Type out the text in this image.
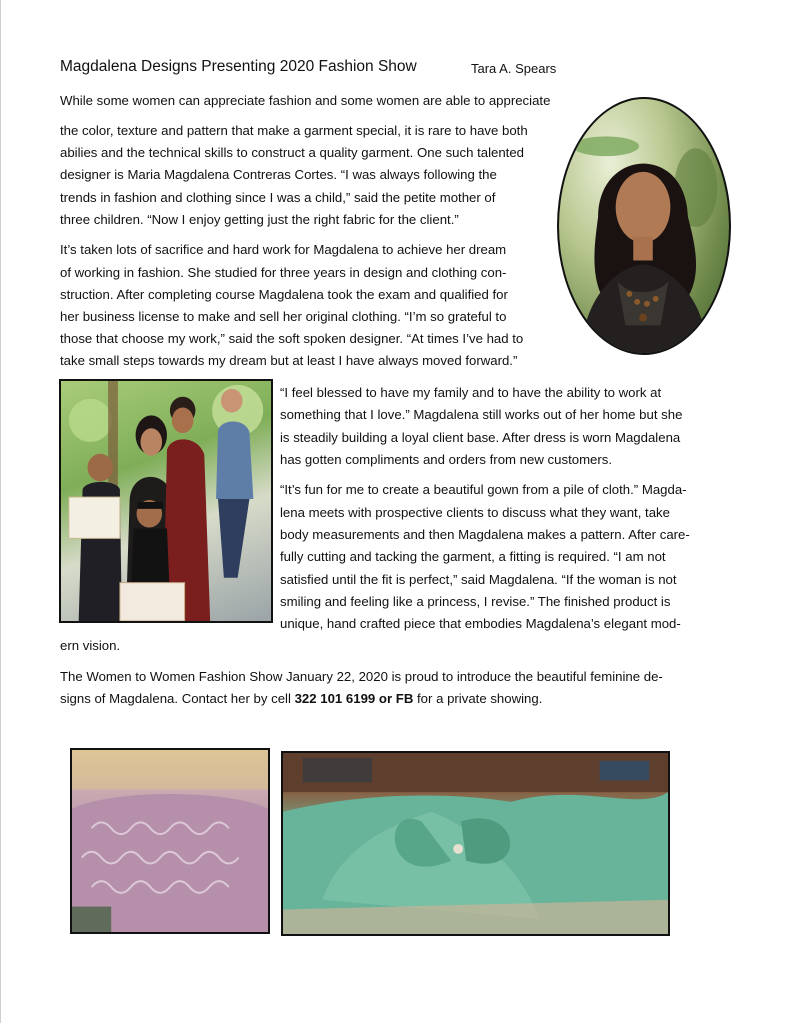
Magdalena Designs Presenting 2020 Fashion Show	Tara A. Spears
While some women can appreciate fashion and some women are able to appreciate
the color, texture and pattern that make a garment special, it is rare to have both
abilies and the technical skills to construct a quality garment. One such talented
designer is Maria Magdalena Contreras Cortes. “I was always following the
trends in fashion and clothing since I was a child,” said the petite mother of
three children. “Now I enjoy getting just the right fabric for the client.”
It’s taken lots of sacrifice and hard work for Magdalena to achieve her dream
of working in fashion. She studied for three years in design and clothing con-
struction. After completing course Magdalena took the exam and qualified for
her business license to make and sell her original clothing. “I’m so grateful to
those that choose my work,” said the soft spoken designer. “At times I’ve had to
take small steps towards my dream but at least I have always moved forward.”
“I feel blessed to have my family and to have the ability to work at
something that I love.” Magdalena still works out of her home but she
is steadily building a loyal client base. After dress is worn Magdalena
has gotten compliments and orders from new customers.
“It’s fun for me to create a beautiful gown from a pile of cloth.” Magda-
lena meets with prospective clients to discuss what they want, take
body measurements and then Magdalena makes a pattern. After care-
fully cutting and tacking the garment, a fitting is required. “I am not
satisfied until the fit is perfect,” said Magdalena. “If the woman is not
smiling and feeling like a princess, I revise.” The finished product is
unique, hand crafted piece that embodies Magdalena’s elegant mod-
ern vision.
The Women to Women Fashion Show January 22, 2020 is proud to introduce the beautiful feminine de-
signs of Magdalena. Contact her by cell 322 101 6199 or FB for a private showing.
